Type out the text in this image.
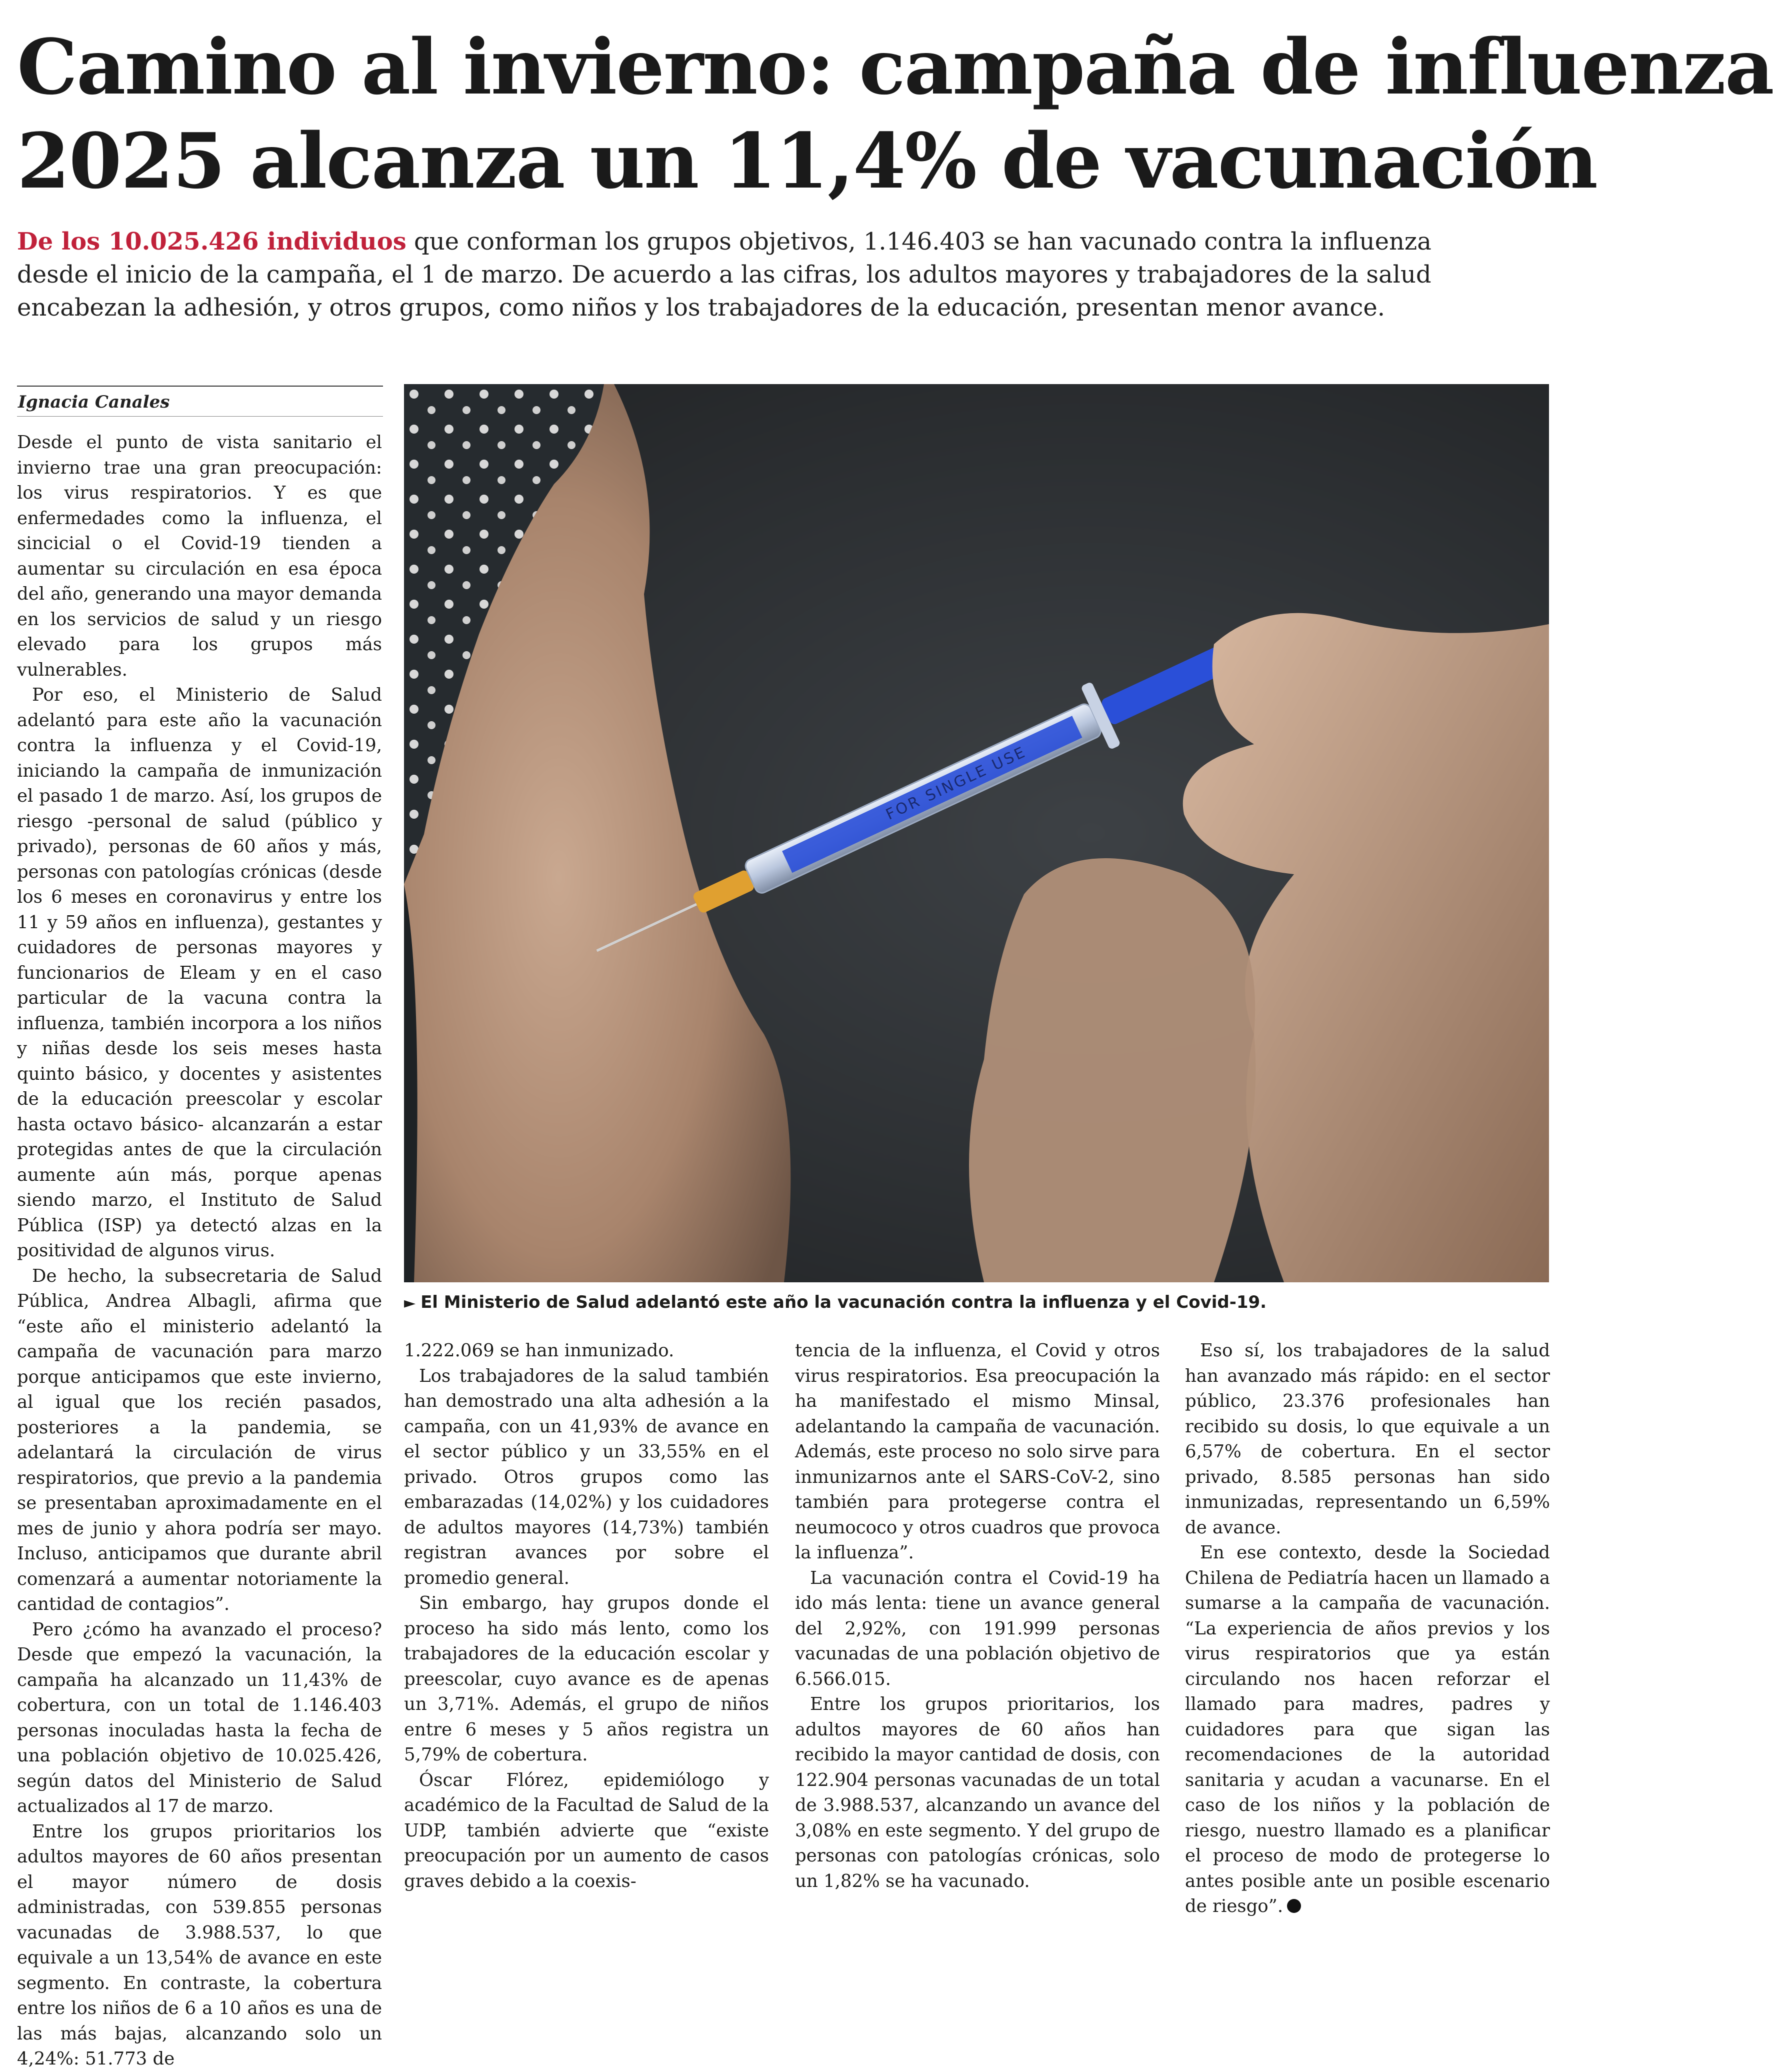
Camino al invierno: campaña de influenza
2025 alcanza un 11,4% de vacunación
De los 10.025.426 individuos que conforman los grupos objetivos, 1.146.403 se han vacunado contra la influenza
desde el inicio de la campaña, el 1 de marzo. De acuerdo a las cifras, los adultos mayores y trabajadores de la salud
encabezan la adhesión, y otros grupos, como niños y los trabajadores de la educación, presentan menor avance.

Ignacia Canales

FOR SINGLE USE

► El Ministerio de Salud adelantó este año la vacunación contra la influenza y el Covid-19.

Desde el punto de vista sanitario el invierno trae una gran preocupación: los virus respiratorios. Y es que enfermedades como la influenza, el sincicial o el Covid-19 tienden a aumentar su circulación en esa época del año, generando una mayor demanda en los servicios de salud y un riesgo elevado para los grupos más vulnerables.

Por eso, el Ministerio de Salud adelantó para este año la vacunación contra la influenza y el Covid-19, iniciando la campaña de inmunización el pasado 1 de marzo. Así, los grupos de riesgo -personal de salud (público y privado), personas de 60 años y más, personas con patologías crónicas (desde los 6 meses en coronavirus y entre los 11 y 59 años en influenza), gestantes y cuidadores de personas mayores y funcionarios de Eleam y en el caso particular de la vacuna contra la influenza, también incorpora a los niños y niñas desde los seis meses hasta quinto básico, y docentes y asistentes de la educación preescolar y escolar hasta octavo básico- alcanzarán a estar protegidas antes de que la circulación aumente aún más, porque apenas siendo marzo, el Instituto de Salud Pública (ISP) ya detectó alzas en la positividad de algunos virus.

De hecho, la subsecretaria de Salud Pública, Andrea Albagli, afirma que “este año el ministerio adelantó la campaña de vacunación para marzo porque anticipamos que este invierno, al igual que los recién pasados, posteriores a la pandemia, se adelantará la circulación de virus respiratorios, que previo a la pandemia se presentaban aproximadamente en el mes de junio y ahora podría ser mayo. Incluso, anticipamos que durante abril comenzará a aumentar notoriamente la cantidad de contagios”.

Pero ¿cómo ha avanzado el proceso? Desde que empezó la vacunación, la campaña ha alcanzado un 11,43% de cobertura, con un total de 1.146.403 personas inoculadas hasta la fecha de una población objetivo de 10.025.426, según datos del Ministerio de Salud actualizados al 17 de marzo.

Entre los grupos prioritarios los adultos mayores de 60 años presentan el mayor número de dosis administradas, con 539.855 personas vacunadas de 3.988.537, lo que equivale a un 13,54% de avance en este segmento. En contraste, la cobertura entre los niños de 6 a 10 años es una de las más bajas, alcanzando solo un 4,24%: 51.773 de

1.222.069 se han inmunizado.

Los trabajadores de la salud también han demostrado una alta adhesión a la campaña, con un 41,93% de avance en el sector público y un 33,55% en el privado. Otros grupos como las embarazadas (14,02%) y los cuidadores de adultos mayores (14,73%) también registran avances por sobre el promedio general.

Sin embargo, hay grupos donde el proceso ha sido más lento, como los trabajadores de la educación escolar y preescolar, cuyo avance es de apenas un 3,71%. Además, el grupo de niños entre 6 meses y 5 años registra un 5,79% de cobertura.

Óscar Flórez, epidemiólogo y académico de la Facultad de Salud de la UDP, también advierte que “existe preocupación por un aumento de casos graves debido a la coexis-

tencia de la influenza, el Covid y otros virus respiratorios. Esa preocupación la ha manifestado el mismo Minsal, adelantando la campaña de vacunación. Además, este proceso no solo sirve para inmunizarnos ante el SARS-CoV-2, sino también para protegerse contra el neumococo y otros cuadros que provoca la influenza”.

La vacunación contra el Covid-19 ha ido más lenta: tiene un avance general del 2,92%, con 191.999 personas vacunadas de una población objetivo de 6.566.015.

Entre los grupos prioritarios, los adultos mayores de 60 años han recibido la mayor cantidad de dosis, con 122.904 personas vacunadas de un total de 3.988.537, alcanzando un avance del 3,08% en este segmento. Y del grupo de personas con patologías crónicas, solo un 1,82% se ha vacunado.

Eso sí, los trabajadores de la salud han avanzado más rápido: en el sector público, 23.376 profesionales han recibido su dosis, lo que equivale a un 6,57% de cobertura. En el sector privado, 8.585 personas han sido inmunizadas, representando un 6,59% de avance.

En ese contexto, desde la Sociedad Chilena de Pediatría hacen un llamado a sumarse a la campaña de vacunación. “La experiencia de años previos y los virus respiratorios que ya están circulando nos hacen reforzar el llamado para madres, padres y cuidadores para que sigan las recomendaciones de la autoridad sanitaria y acudan a vacunarse. En el caso de los niños y la población de riesgo, nuestro llamado es a planificar el proceso de modo de protegerse lo antes posible ante un posible escenario de riesgo”.
